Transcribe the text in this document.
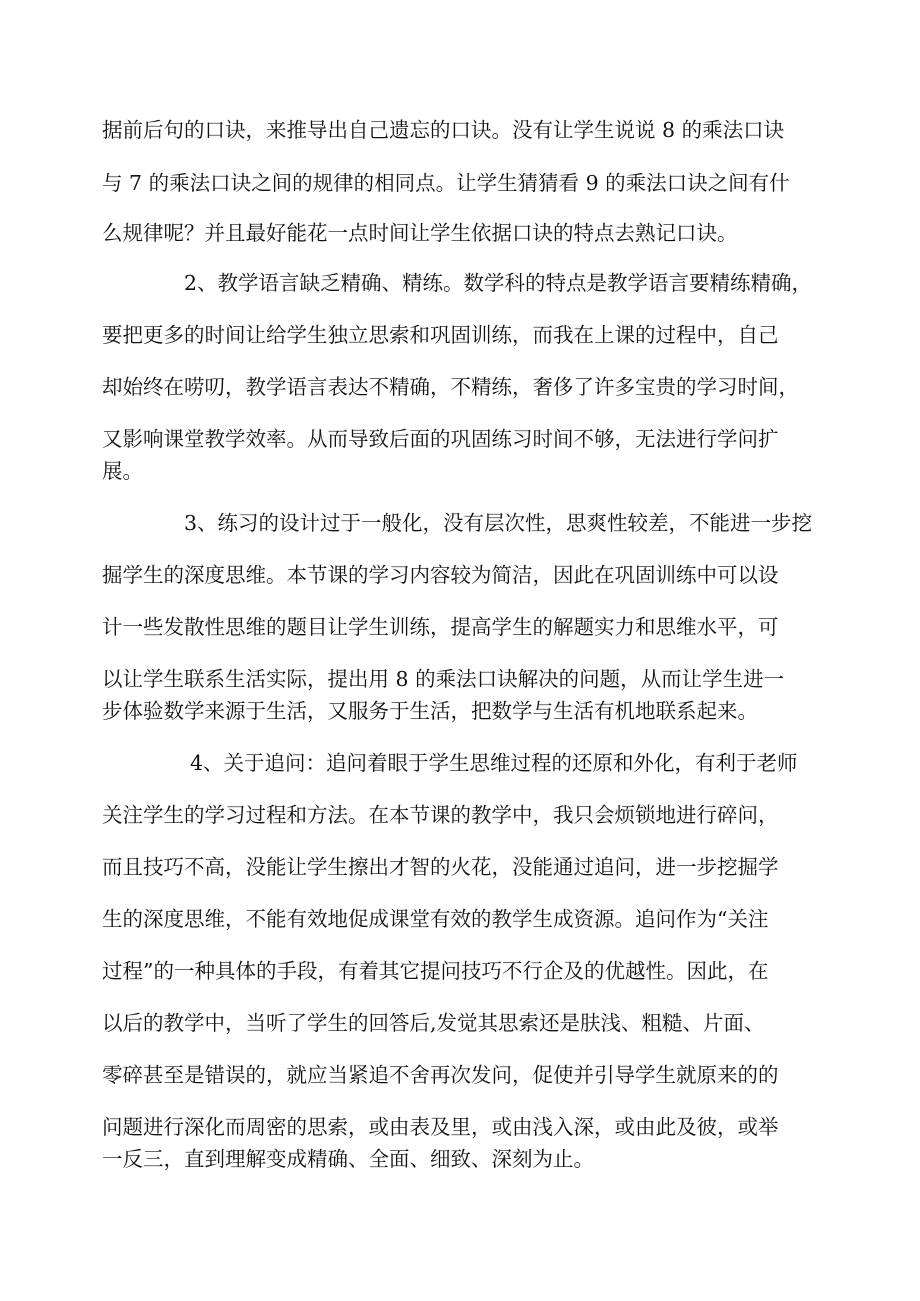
据前后句的口诀，来推导出自己遗忘的口诀。没有让学生说说 8 的乘法口诀

与 7 的乘法口诀之间的规律的相同点。让学生猜猜看 9 的乘法口诀之间有什

么规律呢？并且最好能花一点时间让学生依据口诀的特点去熟记口诀。

2、教学语言缺乏精确、精练。数学科的特点是教学语言要精练精确，

要把更多的时间让给学生独立思索和巩固训练，而我在上课的过程中，自己

却始终在唠叨，教学语言表达不精确，不精练，奢侈了许多宝贵的学习时间，

又影响课堂教学效率。从而导致后面的巩固练习时间不够，无法进行学问扩

展。

3、练习的设计过于一般化，没有层次性，思爽性较差，不能进一步挖

掘学生的深度思维。本节课的学习内容较为简洁，因此在巩固训练中可以设

计一些发散性思维的题目让学生训练，提高学生的解题实力和思维水平，可

以让学生联系生活实际，提出用 8 的乘法口诀解决的问题，从而让学生进一

步体验数学来源于生活，又服务于生活，把数学与生活有机地联系起来。

4、关于追问：追问着眼于学生思维过程的还原和外化，有利于老师

关注学生的学习过程和方法。在本节课的教学中，我只会烦锁地进行碎问，

而且技巧不高，没能让学生擦出才智的火花，没能通过追问，进一步挖掘学

生的深度思维，不能有效地促成课堂有效的教学生成资源。追问作为“关注

过程”的一种具体的手段，有着其它提问技巧不行企及的优越性。因此，在

以后的教学中，当听了学生的回答后,发觉其思索还是肤浅、粗糙、片面、

零碎甚至是错误的，就应当紧追不舍再次发问，促使并引导学生就原来的的

问题进行深化而周密的思索，或由表及里，或由浅入深，或由此及彼，或举

一反三，直到理解变成精确、全面、细致、深刻为止。
